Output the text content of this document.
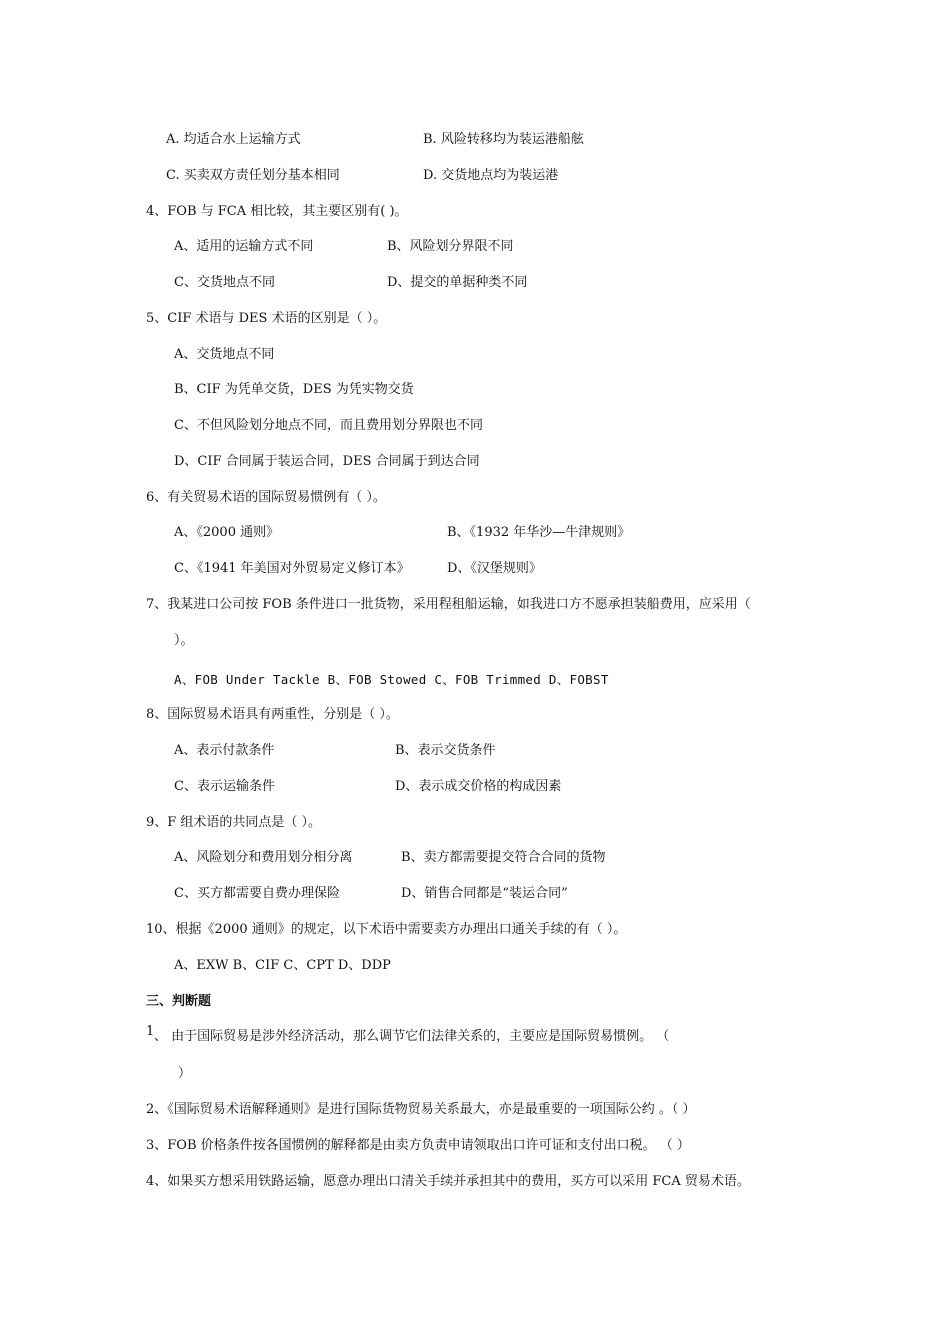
A. 均适合水上运输方式	B. 风险转移均为装运港船舷
C. 买卖双方责任划分基本相同	D. 交货地点均为装运港
4、FOB 与 FCA 相比较，其主要区别有( )。
A、适用的运输方式不同	B、风险划分界限不同
C、交货地点不同	D、提交的单据种类不同
5、CIF 术语与 DES 术语的区别是（ ）。
A、交货地点不同
B、CIF 为凭单交货，DES 为凭实物交货
C、不但风险划分地点不同，而且费用划分界限也不同
D、CIF 合同属于装运合同，DES 合同属于到达合同
6、有关贸易术语的国际贸易惯例有（ ）。
A、《2000 通则》	B、《1932 年华沙—牛津规则》
C、《1941 年美国对外贸易定义修订本》	D、《汉堡规则》
7、我某进口公司按 FOB 条件进口一批货物，采用程租船运输，如我进口方不愿承担装船费用，应采用（
）。
A、FOB Under Tackle B、FOB Stowed C、FOB Trimmed D、FOBST
8、国际贸易术语具有两重性，分别是（ ）。
A、表示付款条件	B、表示交货条件
C、表示运输条件	D、表示成交价格的构成因素
9、F 组术语的共同点是（ ）。
A、风险划分和费用划分相分离	B、卖方都需要提交符合合同的货物
C、买方都需要自费办理保险	D、销售合同都是“装运合同”
10、根据《2000 通则》的规定，以下术语中需要卖方办理出口通关手续的有（ ）。
A、EXW B、CIF C、CPT D、DDP
三、判断题
1 、 由于国际贸易是涉外经济活动，那么调节它们法律关系的，主要应是国际贸易惯例。 （
）
2、《国际贸易术语解释通则》是进行国际货物贸易关系最大，亦是最重要的一项国际公约 。（ ）
3、FOB 价格条件按各国惯例的解释都是由卖方负责申请领取出口许可证和支付出口税。 （ ）
4、如果买方想采用铁路运输，愿意办理出口清关手续并承担其中的费用，买方可以采用 FCA 贸易术语。
